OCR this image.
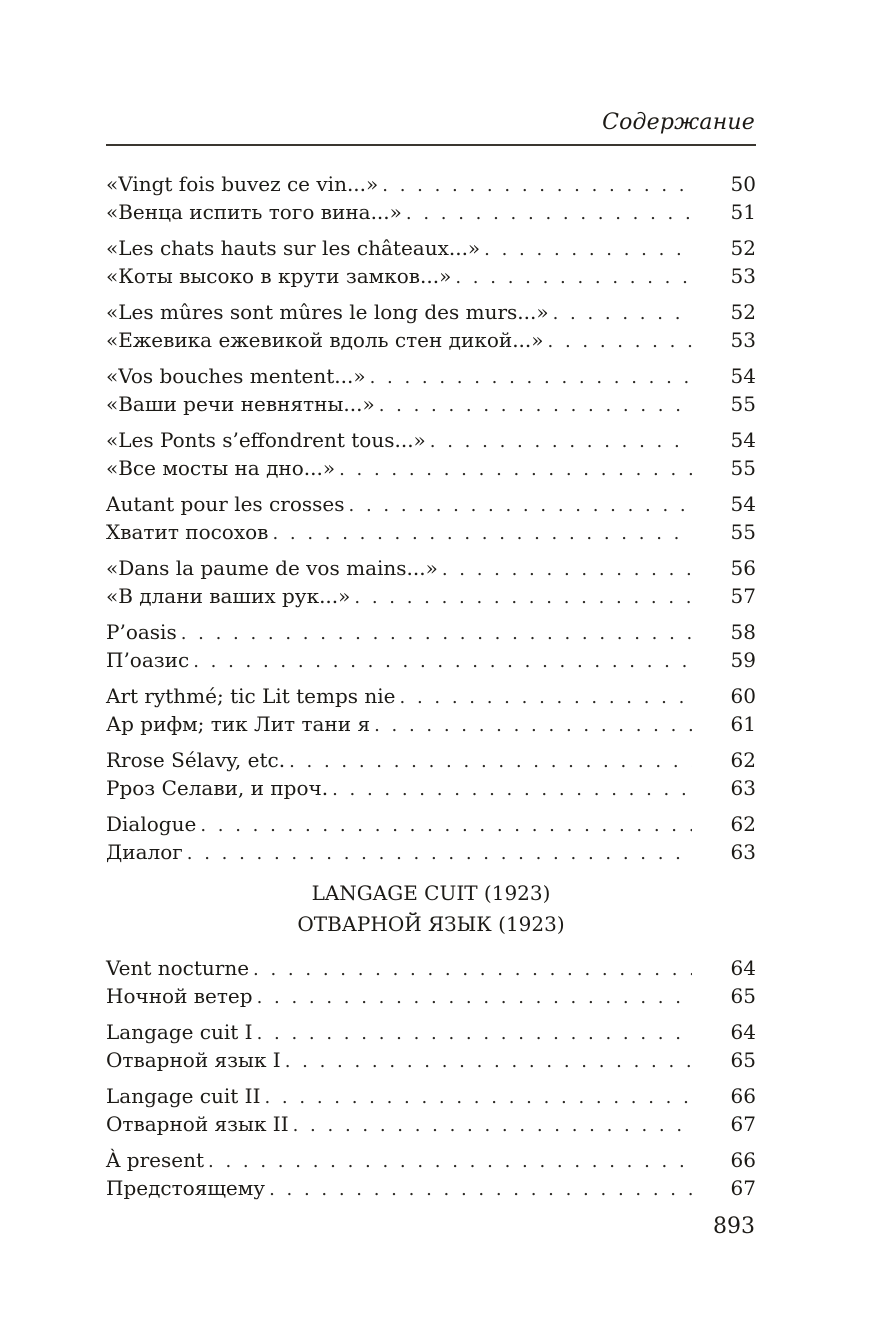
Содержание
«Vingt fois buvez ce vin...» . . .	50
«Венца испить того вина...» . . .	51
«Les chats hauts sur les châteaux...» . . .	52
«Коты высоко в крути замков...» . . .	53
«Les mûres sont mûres le long des murs...» . . .	52
«Ежевика ежевикой вдоль стен дикой...» . . .	53
«Vos bouches mentent...» . . .	54
«Ваши речи невнятны...» . . .	55
«Les Ponts s’effondrent tous...» . . .	54
«Все мосты на дно...» . . .	55
Autant pour les crosses . . .	54
Хватит посохов . . .	55
«Dans la paume de vos mains...» . . .	56
«В длани ваших рук...» . . .	57
P’oasis . . .	58
П’оазис . . .	59
Art rythmé; tic Lit temps nie . . .	60
Ар рифм; тик Лит тани я . . .	61
Rrose Sélavy, etc. . . .	62
Рроз Селави, и проч. . . .	63
Dialogue . . .	62
Диалог . . .	63
LANGAGE CUIT (1923)
ОТВАРНОЙ ЯЗЫК (1923)
Vent nocturne . . .	64
Ночной ветер . . .	65
Langage cuit I . . .	64
Отварной язык I . . .	65
Langage cuit II . . .	66
Отварной язык II . . .	67
À present . . .	66
Предстоящему . . .	67
893
